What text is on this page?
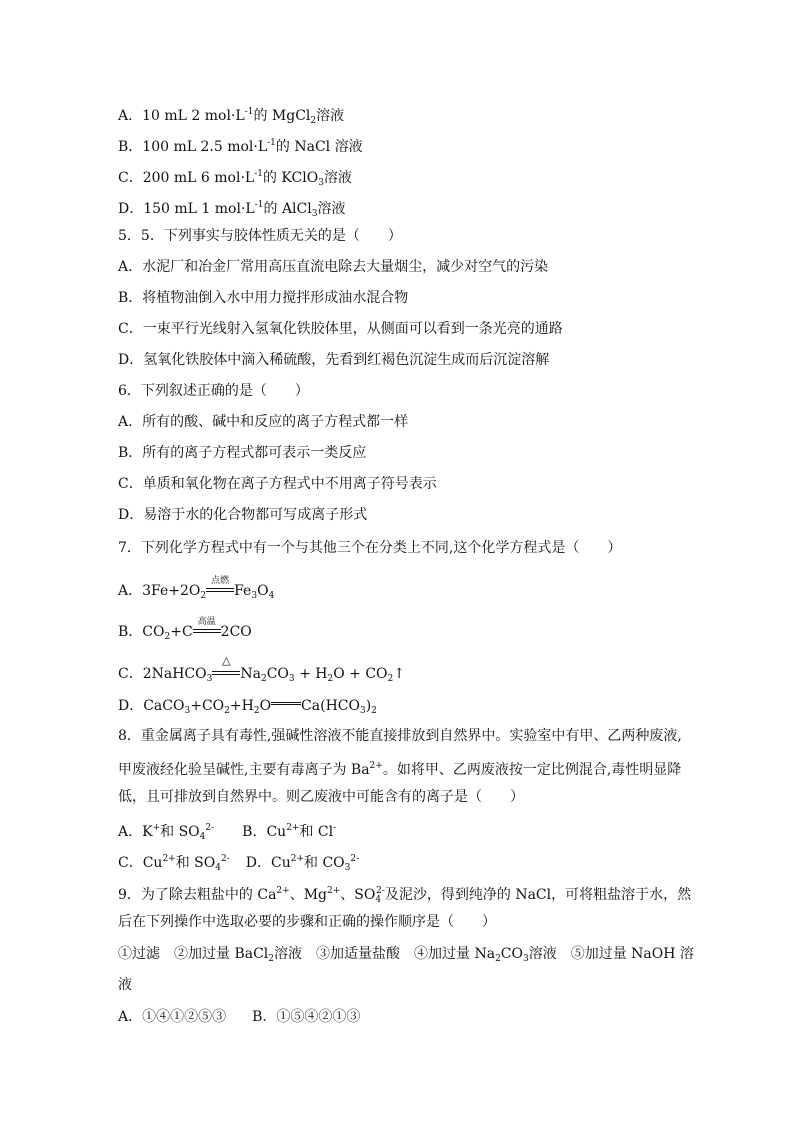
A．10 mL 2 $mol\cdot L^{-1}$的 MgCl$_2$溶液
B．100 mL 2.5 $mol\cdot L^{-1}$的 NaCl 溶液
C．200 mL 6 $mol\cdot L^{-1}$的 KClO$_3$溶液
D．150 mL 1 $mol\cdot L^{-1}$的 AlCl$_3$溶液
5．5．下列事实与胶体性质无关的是（　　）
A．水泥厂和冶金厂常用高压直流电除去大量烟尘，减少对空气的污染
B．将植物油倒入水中用力搅拌形成油水混合物
C．一束平行光线射入氢氧化铁胶体里，从侧面可以看到一条光亮的通路
D．氢氧化铁胶体中滴入稀硫酸，先看到红褐色沉淀生成而后沉淀溶解
6．下列叙述正确的是（　　）
A．所有的酸、碱中和反应的离子方程式都一样
B．所有的离子方程式都可表示一类反应
C．单质和氧化物在离子方程式中不用离子符号表示
D．易溶于水的化合物都可写成离子形式
7．下列化学方程式中有一个与其他三个在分类上不同,这个化学方程式是（　　）
A．$3Fe+2O_2$
点燃
$Fe_3O_4$
B．$CO_2+C$
高温
2CO
C．2NaHCO$_3$
△
$Na_2CO_3 + H_2O$ + $CO_2↑$
D．$CaCO_3+CO_2+H_2O$ $Ca(HCO_3)_2$
8．重金属离子具有毒性,强碱性溶液不能直接排放到自然界中。实验室中有甲、乙两种废液,
甲废液经化验呈碱性,主要有毒离子为 $Ba^{2+}$。如将甲、乙两废液按一定比例混合,毒性明显降
低，且可排放到自然界中。则乙废液中可能含有的离子是（　　）
A．K+和 $SO_4^{2-}$ B．$Cu^{2+}$和 Cl-
C．$Cu^{2+}$和 $SO_4^{2-}$ D．$Cu^{2+}$和 $CO_3^{2-}$
9．为了除去粗盐中的 $Ca^{2+}$、$Mg^{2+}$、$SO_4^{2-}$及泥沙，得到纯净的 NaCl，可将粗盐溶于水，然
后在下列操作中选取必要的步骤和正确的操作顺序是（　　）
①过滤　②加过量 BaCl$_2$溶液　③加适量盐酸　④加过量 $Na_2CO_3$溶液　⑤加过量 NaOH 溶
液
A．①④①②⑤③ B．①⑤④②①③
